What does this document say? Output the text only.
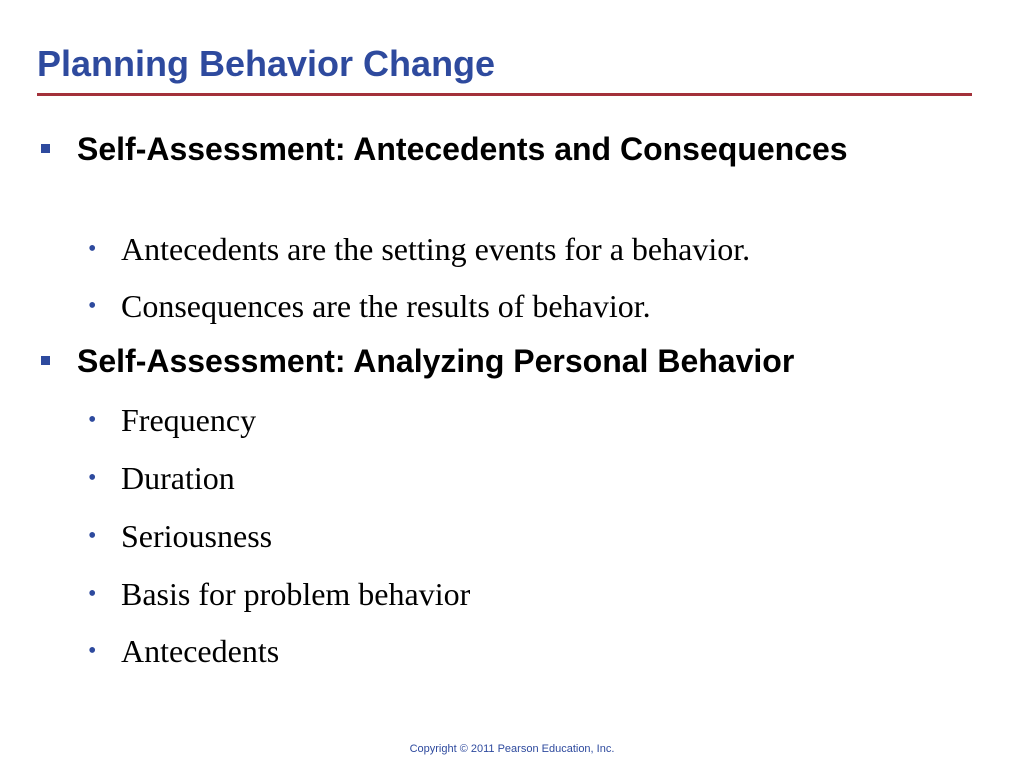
Planning Behavior Change
Self-Assessment: Antecedents and Consequences
• Antecedents are the setting events for a behavior.
• Consequences are the results of behavior.
Self-Assessment: Analyzing Personal Behavior
• Frequency
• Duration
• Seriousness
• Basis for problem behavior
• Antecedents
Copyright © 2011 Pearson Education, Inc.
